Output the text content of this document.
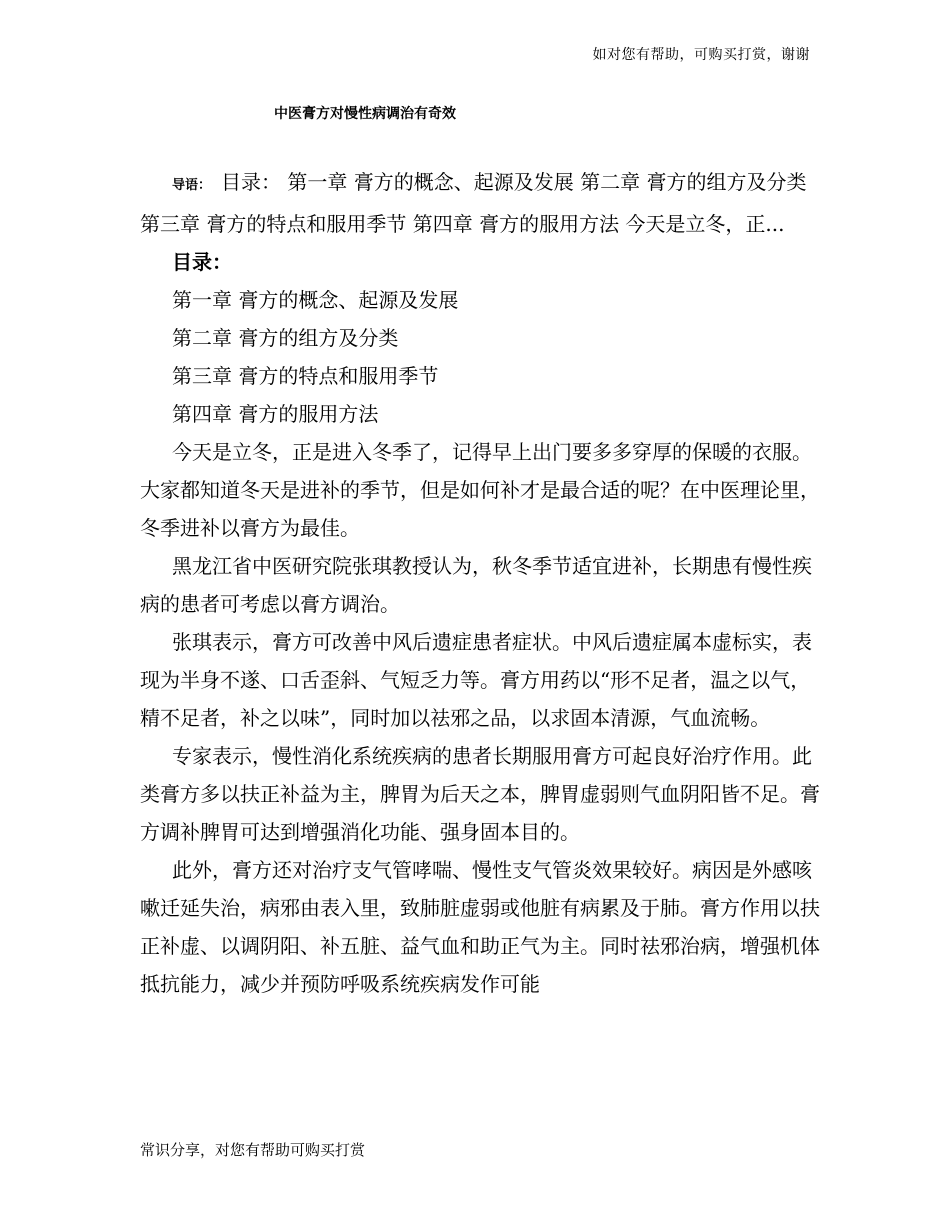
如对您有帮助，可购买打赏，谢谢
中医膏方对慢性病调治有奇效

导语： 目录： 第一章 膏方的概念、起源及发展 第二章 膏方的组方及分类 第三章 膏方的特点和服用季节 第四章 膏方的服用方法 今天是立冬，正...

目录：

第一章 膏方的概念、起源及发展
第二章 膏方的组方及分类
第三章 膏方的特点和服用季节
第四章 膏方的服用方法

今天是立冬，正是进入冬季了，记得早上出门要多多穿厚的保暖的衣服。大家都知道冬天是进补的季节，但是如何补才是最合适的呢？在中医理论里，冬季进补以膏方为最佳。

黑龙江省中医研究院张琪教授认为，秋冬季节适宜进补，长期患有慢性疾病的患者可考虑以膏方调治。

张琪表示，膏方可改善中风后遗症患者症状。中风后遗症属本虚标实，表现为半身不遂、口舌歪斜、气短乏力等。膏方用药以“形不足者，温之以气，精不足者，补之以味”，同时加以祛邪之品，以求固本清源，气血流畅。

专家表示，慢性消化系统疾病的患者长期服用膏方可起良好治疗作用。此类膏方多以扶正补益为主，脾胃为后天之本，脾胃虚弱则气血阴阳皆不足。膏方调补脾胃可达到增强消化功能、强身固本目的。

此外，膏方还对治疗支气管哮喘、慢性支气管炎效果较好。病因是外感咳嗽迁延失治，病邪由表入里，致肺脏虚弱或他脏有病累及于肺。膏方作用以扶正补虚、以调阴阳、补五脏、益气血和助正气为主。同时祛邪治病，增强机体抵抗能力，减少并预防呼吸系统疾病发作可能

常识分享，对您有帮助可购买打赏
